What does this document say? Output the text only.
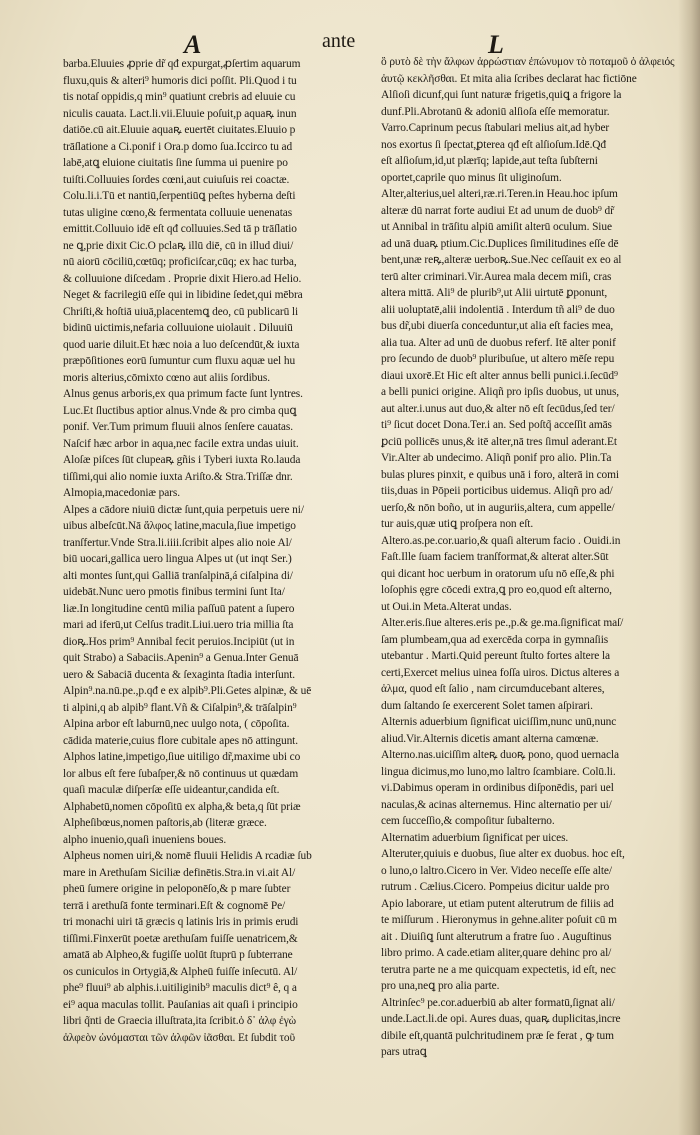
A	ante	L
barba.Eluuies ꝓprie dr̃ qđ expurgat,ꝓſertim aquarum
fluxu,quis & alteri⁹ humoris dici poſſit. Pli.Quod i tu
tis notaſ oppidis,q min⁹ quatiunt crebris ad eluuie cu
niculis cauata. Lact.li.vii.Eluuie poſuit,p aquaꝶ inun
datiōe.cū ait.Eluuie aquaꝶ euertēt ciuitates.Eluuio p
trāſlatione a Ci.ponif i Ora.p domo ſua.Iccirco tu ad
labē,atꝗ eluione ciuitatis ſine ſumma ui puenire po
tuiſti.Colluuies ſordes cœni,aut cuiuſuis rei coactæ.
Colu.li.i.Tū et nantiū,ſerpentiūꝗ peſtes hyberna deſti
tutas uligine cœno,& fermentata colluuie uenenatas
emittit.Colluuio idē eſt qđ colluuies.Sed tā p trāſlatio
ne ꝗ,prie dixit Cic.O pclaꝶ illū diē, cū in illud diui/
nū aiorū cōciliū,cœtūq; proficiſcar,cūq; ex hac turba,
& colluuione diſcedam . Proprie dixit Hiero.ad Helio.
Neget & facrilegiū eſſe qui in libidine ſedet,qui mēbra
Chriſti,& hoſtiā uiuā,placentemꝗ deo, cū publicarū li
bidinū uictimis,nefaria colluuione uiolauit . Diluuiū
quod uarie diluit.Et hæc noia a luo deſcendūt,& iuxta
præpōſitiones eorū ſumuntur cum fluxu aquæ uel hu
moris alterius,cōmixto cœno aut aliis ſordibus.
Alnus genus arboris,ex qua primum facte ſunt lyntres.
Luc.Et ſluctibus aptior alnus.Vnde & pro cimba quꝗ
ponif. Ver.Tum primum fluuii alnos ſenſere cauatas.
Naſcif hæc arbor in aqua,nec facile extra undas uiuit.
Aloſæ piſces ſūt clupeaꝶ gñis i Tyberi iuxta Ro.lauda
tiſſimi,qui alio nomie iuxta Ariſto.& Stra.Triſſæ dnr.
Almopia,macedoniæ pars.
Alpes a cādore niuiū dictæ ſunt,quia perpetuis uere ni/
uibus albeſcūt.Nā ἄλφος latine,macula,ſiue impetigo
tranſfertur.Vnde Stra.li.iiii.ſcribit alpes alio noie Al/
biū uocari,gallica uero lingua Alpes ut (ut inqt Ser.)
alti montes ſunt,qui Galliā tranſalpinā,á ciſalpina di/
uidebāt.Nunc uero pmotis finibus termini ſunt Ita/
liæ.In longitudine centū milia paſſuū patent a ſupero
mari ad iferū,ut Celſus tradit.Liui.uero tria millia ſta
dioꝶ.Hos prim⁹ Annibal fecit peruios.Incipiūt (ut in
quit Strabo) a Sabaciis.Apenin⁹ a Genua.Inter Genuā
uero & Sabaciā ducenta & ſexaginta ſtadia interſunt.
Alpin⁹.na.nū.pe.,p.qđ e ex alpib⁹.Pli.Getes alpinæ, & uē
ti alpini,q ab alpib⁹ flant.Vñ & Ciſalpin⁹,& trāſalpin⁹
Alpina arbor eſt laburnū,nec uulgo nota, ( cōpoſita.
cādida materie,cuius flore cubitale apes nō attingunt.
Alphos latine,impetigo,ſiue uitiligo dr̃,maxime ubi co
lor albus eſt fere ſubaſper,& nō continuus ut quædam
quaſi maculæ diſperſæ eſſe uideantur,candida eſt.
Alphabetū,nomen cōpoſitū ex alpha,& beta,q ſūt priæ
Alpheſibœus,nomen paſtoris,ab (literæ græce.
alpho inuenio,quaſi inueniens boues.
Alpheus nomen uiri,& nomē fluuii Helidis A rcadiæ ſub
mare in Arethuſam Siciliæ definētis.Stra.in vi.ait Al/
pheū ſumere origine in peloponēſo,& p mare ſubter
terrā i arethuſā fonte terminari.Eſt & cognomē Pe/
tri monachi uiri tā græcis q latinis lris in primis erudi
tiſſimi.Finxerūt poetæ arethuſam fuiſſe uenatricem,&
amatā ab Alpheo,& fugiſſe uolūt ſtuprū p ſubterrane
os cuniculos in Ortygiā,& Alpheū fuiſſe inſecutū. Al/
phe⁹ fluui⁹ ab alphis.i.uitiliginib⁹ maculis dict⁹ ê, q a
ei⁹ aqua maculas tollit. Pauſanias ait quaſi i principio
libri q̃nti de Graecia illuſtrata,ita ſcribit.ὁ δ᾽ ἀλφ ἐγὼ
ἀλφεὸν ὠνόμασται τῶν ἀλφῶν ἰᾶσθαι. Et ſubdit τοῦ
ὃ ρυτὸ δὲ τὴν ἄλφων ἀρρώστιαν ἐπώνυμον τὸ ποταμοῦ ὁ ἀλφειός
ἀυτῷ κεκλῆσθαι. Et mita alia ſcribes declarat hac fictiōne
Alſioſi dicunf,qui ſunt naturæ frigetis,quiꝗ a frigore la
dunf.Pli.Abrotanū & adoniū alſioſa eſſe memoratur.
Varro.Caprinum pecus ſtabulari melius ait,ad hyber
nos exortus ſi ſpectat,ꝑterea qđ eſt alſioſum.Idē.Qđ
eſt alſioſum,id,ut plærīq; lapide,aut teſta ſubſterni
oportet,caprile quo minus ſit uliginoſum.
Alter,alterius,uel alteri,ræ.ri.Teren.in Heau.hoc ipſum
alteræ dū narrat forte audiui Et ad unum de duob⁹ dr̃
ut Annibal in trāſitu alpiū amiſit alterū oculum. Siue
ad unā duaꝶ ptium.Cic.Duplices ſimilitudines eſſe dē
bent,unæ reꝶ,alteræ uerboꝶ.Sue.Nec ceſſauit ex eo al
terū alter criminari.Vir.Aurea mala decem miſi, cras
altera mittā. Ali⁹ de plurib⁹,ut Alii uirtutē ꝑponunt,
alii uoluptatē,alii indolentiā . Interdum tñ ali⁹ de duo
bus dr̃,ubi diuerſa conceduntur,ut alia eſt facies mea,
alia tua. Alter ad unū de duobus referf. Itē alter ponif
pro ſecundo de duob⁹ pluribuſue, ut altero mēſe repu
diaui uxorē.Et Hic eſt alter annus belli punici.i.ſecūd⁹
a belli punici origine. Aliqñ pro ipſis duobus, ut unus,
aut alter.i.unus aut duo,& alter nō eſt ſecūdus,ſed ter/
ti⁹ ſicut docet Dona.Ter.i an. Sed poſtq̃ acceſſit amās
ꝑciū pollicēs unus,& itē alter,nā tres ſimul aderant.Et
Vir.Alter ab undecimo. Aliqñ ponif pro alio. Plin.Ta
bulas plures pinxit, e quibus unā i foro, alterā in comi
tiis,duas in Pōpeii porticibus uidemus. Aliqñ pro ad/
uerſo,& nōn boño, ut in auguriis,altera, cum appelle/
tur auis,quæ utiꝗ proſpera non eſt.
Altero.as.pe.cor.uario,& quaſi alterum facio . Ouidi.in
Faſt.Ille ſuam faciem tranſformat,& alterat alter.Sūt
qui dicant hoc uerbum in oratorum uſu nō eſſe,& phi
loſophis ęgre cōcedi extra,ꝗ pro eo,quod eſt alterno,
ut Oui.in Meta.Alterat undas.
Alter.eris.ſiue alteres.eris pe.,p.& ge.ma.ſignificat maſ/
ſam plumbeam,qua ad exercēda corpa in gymnaſiis
utebantur . Marti.Quid pereunt ſtulto fortes altere la
certi,Exercet melius uinea foſſa uiros. Dictus alteres a
ἀλμα, quod eſt ſalio , nam circumducebant alteres,
dum ſaltando ſe exercerent Solet tamen aſpirari.
Alternis aduerbium ſignificat uiciſſim,nunc unū,nunc
aliud.Vir.Alternis dicetis amant alterna camœnæ.
Alterno.nas.uiciſſim alteꝶ duoꝶ pono, quod uernacla
lingua dicimus,mo luno,mo laltro ſcambiare. Colū.li.
vi.Dabimus operam in ordinibus diſponēdis, pari uel
naculas,& acinas alternemus. Hinc alternatio per ui/
cem ſucceſſio,& compoſitur ſubalterno.
Alternatim aduerbium ſignificat per uices.
Alteruter,quiuis e duobus, ſiue alter ex duobus. hoc eſt,
o luno,o laltro.Cicero in Ver. Video neceſſe eſſe alte/
rutrum . Cælius.Cicero. Pompeius dicitur ualde pro
Apio laborare, ut etiam putent alterutrum de filiis ad
te miſſurum . Hieronymus in gehne.aliter poſuit cū m
ait . Diuiſiꝗ ſunt alterutrum a fratre ſuo . Auguſtinus
libro primo. A cade.etiam aliter,quare dehinc pro al/
terutra parte ne a me quicquam expectetis, id eſt, nec
pro una,neꝗ pro alia parte.
Altrinſec⁹ pe.cor.aduerbiū ab alter formatū,ſignat ali/
unde.Lact.li.de opi. Aures duas, quaꝶ duplicitas,incre
dibile eſt,quantā pulchritudinem præ ſe ferat , ꝙ tum
pars utraꝗ
